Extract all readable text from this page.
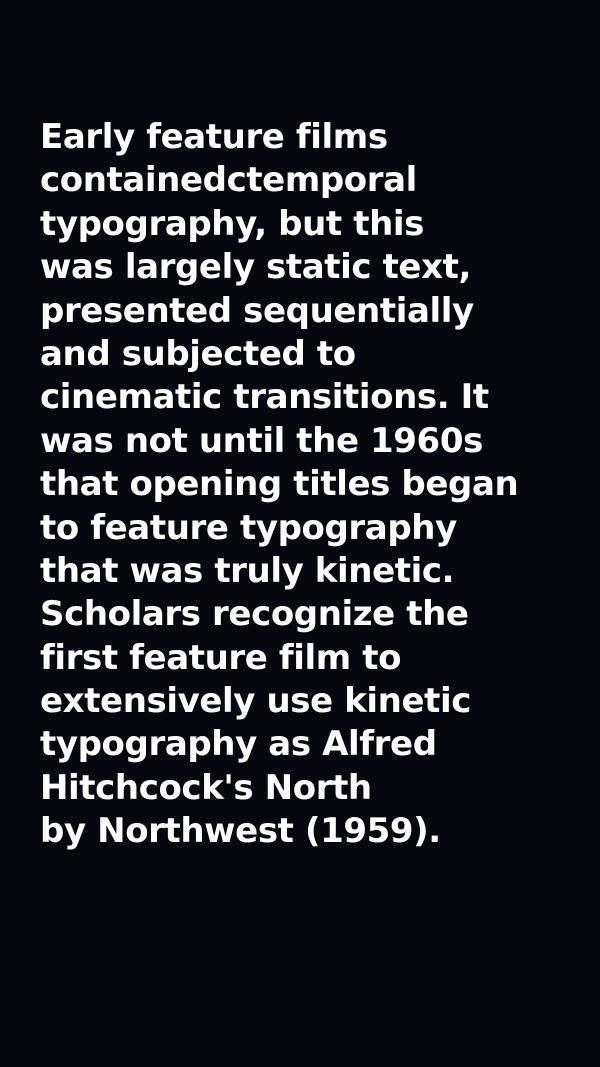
Early feature films
containedctemporal
typography, but this
was largely static text,
presented sequentially
and subjected to
cinematic transitions. It
was not until the 1960s
that opening titles began
to feature typography
that was truly kinetic.
Scholars recognize the
first feature film to
extensively use kinetic
typography as Alfred
Hitchcock's North
by Northwest (1959).
